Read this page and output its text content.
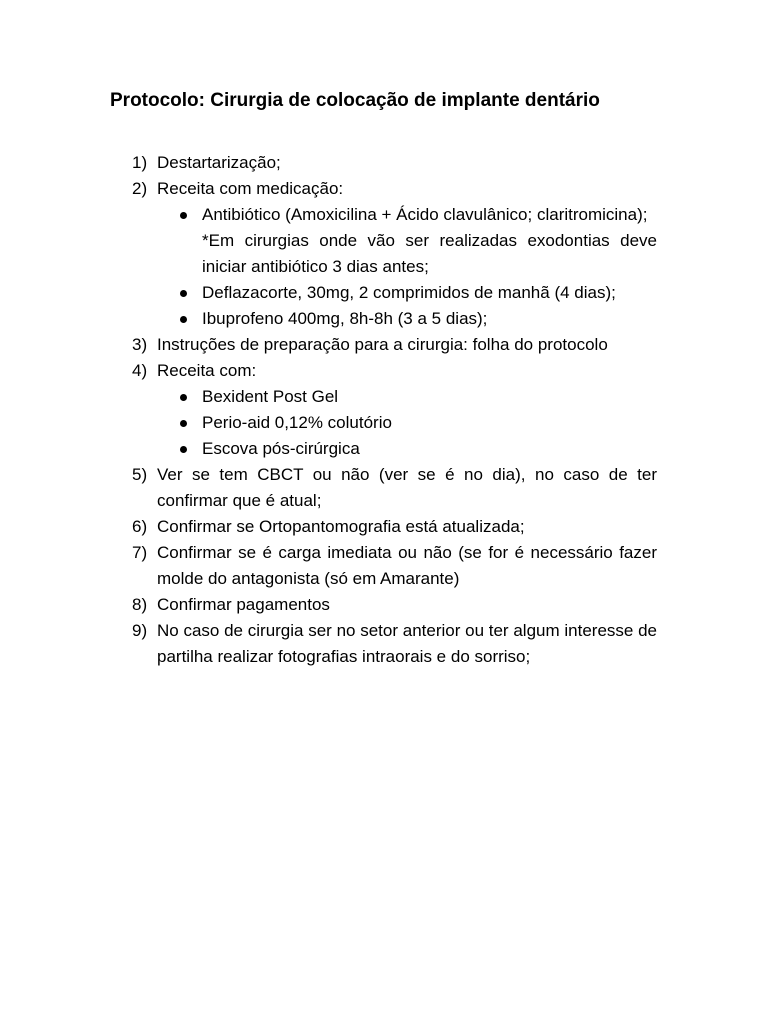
Protocolo: Cirurgia de colocação de implante dentário
1) Destartarização;
2) Receita com medicação:
Antibiótico (Amoxicilina + Ácido clavulânico; claritromicina);
*Em cirurgias onde vão ser realizadas exodontias deve iniciar antibiótico 3 dias antes;
Deflazacorte, 30mg, 2 comprimidos de manhã (4 dias);
Ibuprofeno 400mg, 8h-8h (3 a 5 dias);
3) Instruções de preparação para a cirurgia: folha do protocolo
4) Receita com:
Bexident Post Gel
Perio-aid 0,12% colutório
Escova pós-cirúrgica
5) Ver se tem CBCT ou não (ver se é no dia), no caso de ter confirmar que é atual;
6) Confirmar se Ortopantomografia está atualizada;
7) Confirmar se é carga imediata ou não (se for é necessário fazer molde do antagonista (só em Amarante)
8) Confirmar pagamentos
9) No caso de cirurgia ser no setor anterior ou ter algum interesse de partilha realizar fotografias intraorais e do sorriso;
